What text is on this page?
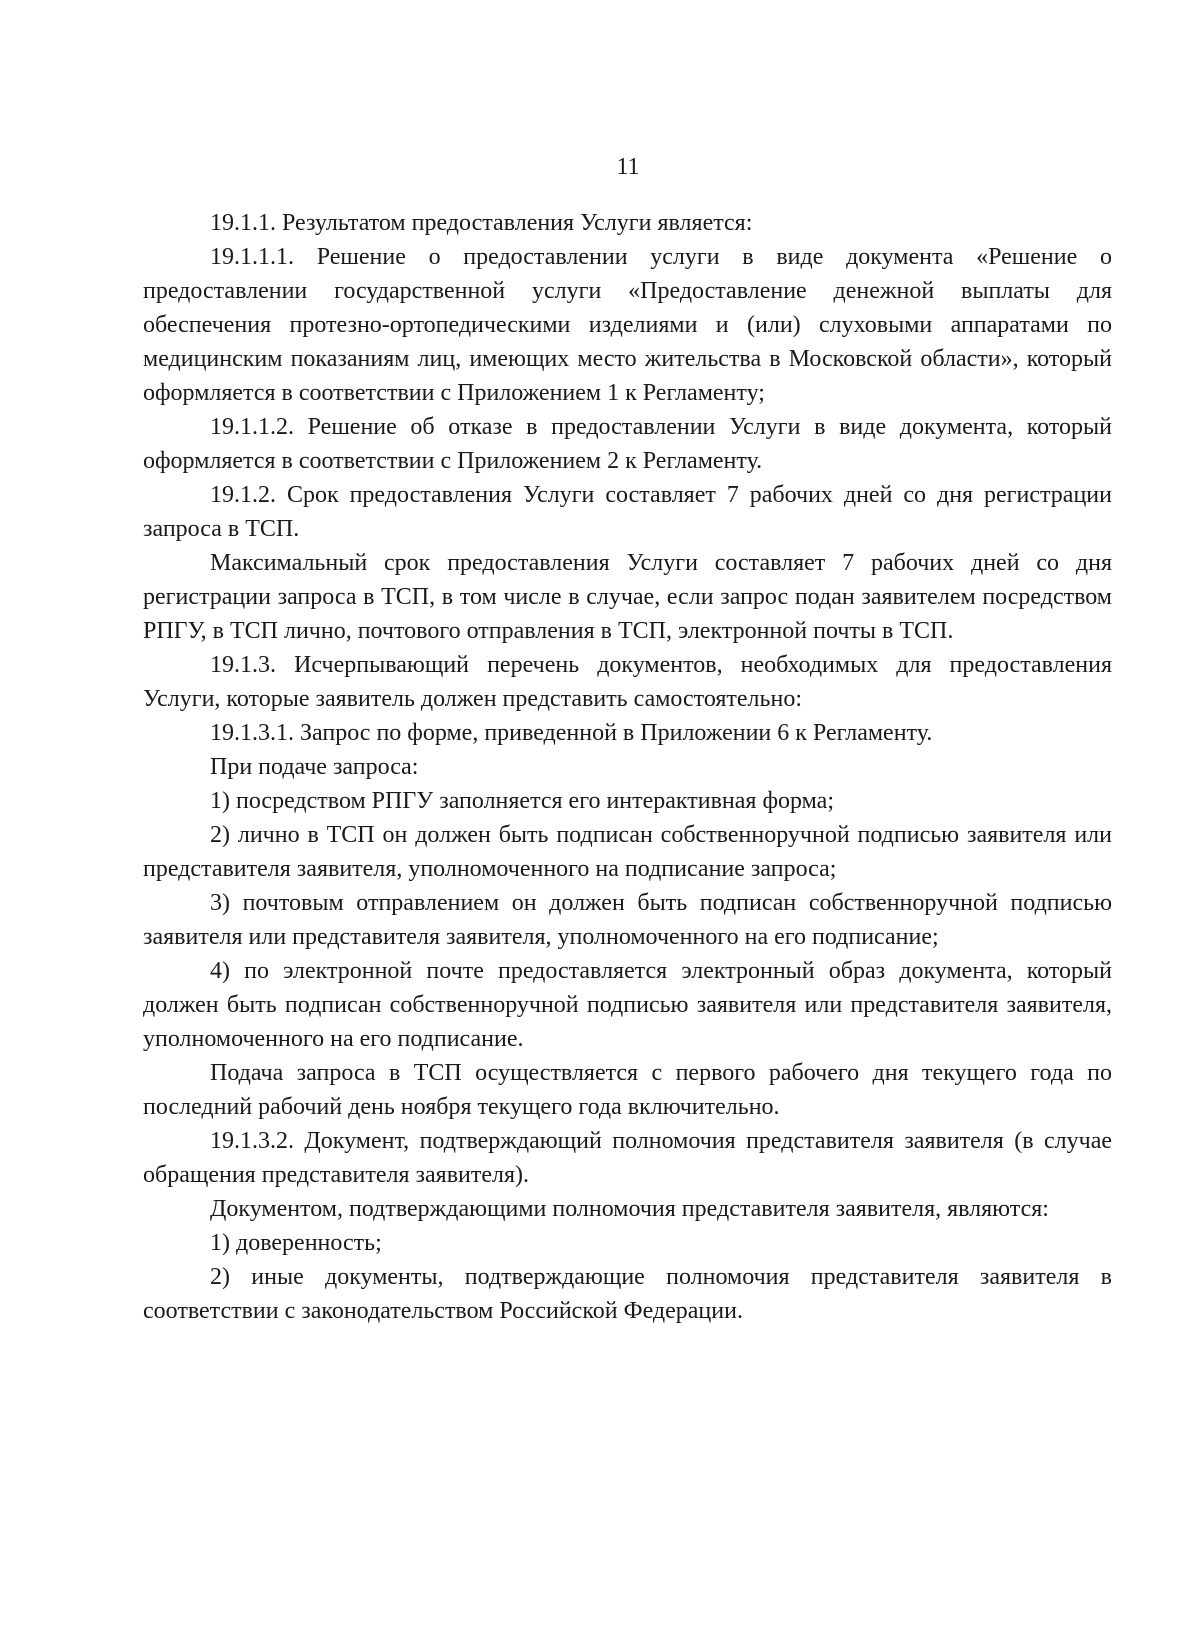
11

19.1.1. Результатом предоставления Услуги является:

19.1.1.1. Решение о предоставлении услуги в виде документа «Решение о предоставлении государственной услуги «Предоставление денежной выплаты для обеспечения протезно-ортопедическими изделиями и (или) слуховыми аппаратами по медицинским показаниям лиц, имеющих место жительства в Московской области», который оформляется в соответствии с Приложением 1 к Регламенту;

19.1.1.2. Решение об отказе в предоставлении Услуги в виде документа, который оформляется в соответствии с Приложением 2 к Регламенту.

19.1.2. Срок предоставления Услуги составляет 7 рабочих дней со дня регистрации запроса в ТСП.

Максимальный срок предоставления Услуги составляет 7 рабочих дней со дня регистрации запроса в ТСП, в том числе в случае, если запрос подан заявителем посредством РПГУ, в ТСП лично, почтового отправления в ТСП, электронной почты в ТСП.

19.1.3. Исчерпывающий перечень документов, необходимых для предоставления Услуги, которые заявитель должен представить самостоятельно:

19.1.3.1. Запрос по форме, приведенной в Приложении 6 к Регламенту.

При подаче запроса:

1) посредством РПГУ заполняется его интерактивная форма;

2) лично в ТСП он должен быть подписан собственноручной подписью заявителя или представителя заявителя, уполномоченного на подписание запроса;

3) почтовым отправлением он должен быть подписан собственноручной подписью заявителя или представителя заявителя, уполномоченного на его подписание;

4) по электронной почте предоставляется электронный образ документа, который должен быть подписан собственноручной подписью заявителя или представителя заявителя, уполномоченного на его подписание.

Подача запроса в ТСП осуществляется с первого рабочего дня текущего года по последний рабочий день ноября текущего года включительно.

19.1.3.2. Документ, подтверждающий полномочия представителя заявителя (в случае обращения представителя заявителя).

Документом, подтверждающими полномочия представителя заявителя, являются:

1) доверенность;

2) иные документы, подтверждающие полномочия представителя заявителя в соответствии с законодательством Российской Федерации.
